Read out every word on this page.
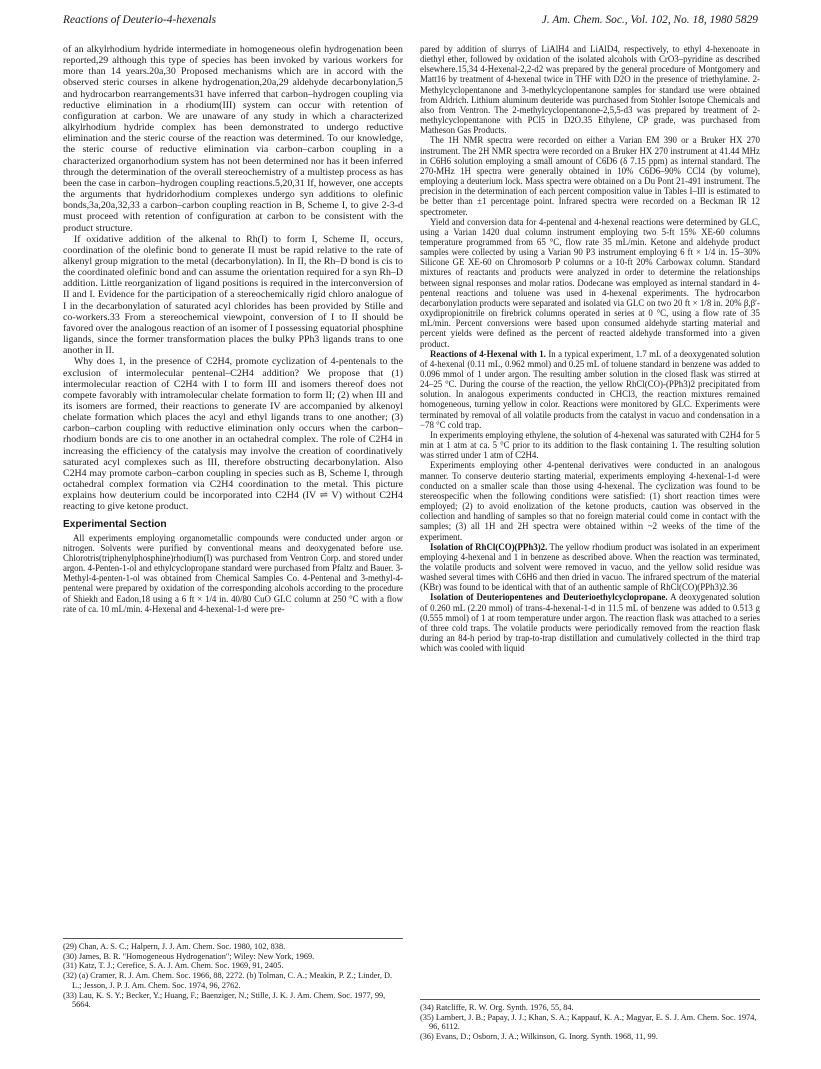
Reactions of Deuterio-4-hexenals	J. Am. Chem. Soc., Vol. 102, No. 18, 1980 5829

of an alkylrhodium hydride intermediate in homogeneous olefin hydrogenation been reported,29 although this type of species has been invoked by various workers for more than 14 years.20a,30 Proposed mechanisms which are in accord with the observed steric courses in alkene hydrogenation,20a,29 aldehyde decarbonylation,5 and hydrocarbon rearrangements31 have inferred that carbon–hydrogen coupling via reductive elimination in a rhodium(III) system can occur with retention of configuration at carbon. We are unaware of any study in which a characterized alkylrhodium hydride complex has been demonstrated to undergo reductive elimination and the steric course of the reaction was determined. To our knowledge, the steric course of reductive elimination via carbon–carbon coupling in a characterized organorhodium system has not been determined nor has it been inferred through the determination of the overall stereochemistry of a multistep process as has been the case in carbon–hydrogen coupling reactions.5,20,31 If, however, one accepts the arguments that hydridorhodium complexes undergo syn additions to olefinic bonds,3a,20a,32,33 a carbon–carbon coupling reaction in B, Scheme I, to give 2-3-d must proceed with retention of configuration at carbon to be consistent with the product structure.

If oxidative addition of the alkenal to Rh(I) to form I, Scheme II, occurs, coordination of the olefinic bond to generate II must be rapid relative to the rate of alkenyl group migration to the metal (decarbonylation). In II, the Rh–D bond is cis to the coordinated olefinic bond and can assume the orientation required for a syn Rh–D addition. Little reorganization of ligand positions is required in the interconversion of II and I. Evidence for the participation of a stereochemically rigid chloro analogue of I in the decarbonylation of saturated acyl chlorides has been provided by Stille and co-workers.33 From a stereochemical viewpoint, conversion of I to II should be favored over the analogous reaction of an isomer of I possessing equatorial phosphine ligands, since the former transformation places the bulky PPh3 ligands trans to one another in II.

Why does 1, in the presence of C2H4, promote cyclization of 4-pentenals to the exclusion of intermolecular pentenal–C2H4 addition? We propose that (1) intermolecular reaction of C2H4 with I to form III and isomers thereof does not compete favorably with intramolecular chelate formation to form II; (2) when III and its isomers are formed, their reactions to generate IV are accompanied by alkenoyl chelate formation which places the acyl and ethyl ligands trans to one another; (3) carbon–carbon coupling with reductive elimination only occurs when the carbon–rhodium bonds are cis to one another in an octahedral complex. The role of C2H4 in increasing the efficiency of the catalysis may involve the creation of coordinatively saturated acyl complexes such as III, therefore obstructing decarbonylation. Also C2H4 may promote carbon–carbon coupling in species such as B, Scheme I, through octahedral complex formation via C2H4 coordination to the metal. This picture explains how deuterium could be incorporated into C2H4 (IV ⇌ V) without C2H4 reacting to give ketone product.

Experimental Section

All experiments employing organometallic compounds were conducted under argon or nitrogen. Solvents were purified by conventional means and deoxygenated before use. Chlorotris(triphenylphosphine)rhodium(I) was purchased from Ventron Corp. and stored under argon. 4-Penten-1-ol and ethylcyclopropane standard were purchased from Pfaltz and Bauer. 3-Methyl-4-penten-1-ol was obtained from Chemical Samples Co. 4-Pentenal and 3-methyl-4-pentenal were prepared by oxidation of the corresponding alcohols according to the procedure of Shiekh and Eadon,18 using a 6 ft × 1/4 in. 40/80 CuO GLC column at 250 °C with a flow rate of ca. 10 mL/min. 4-Hexenal and 4-hexenal-1-d were pre-

(29) Chan, A. S. C.; Halpern, J. J. Am. Chem. Soc. 1980, 102, 838.
(30) James, B. R. "Homogeneous Hydrogenation"; Wiley: New York, 1969.
(31) Katz, T. J.; Cerefice, S. A. J. Am. Chem. Soc. 1969, 91, 2405.
(32) (a) Cramer, R. J. Am. Chem. Soc. 1966, 88, 2272. (b) Tolman, C. A.; Meakin, P. Z.; Linder, D. L.; Jesson, J. P. J. Am. Chem. Soc. 1974, 96, 2762.
(33) Lau, K. S. Y.; Becker, Y.; Huang, F.; Baenziger, N.; Stille, J. K. J. Am. Chem. Soc. 1977, 99, 5664.

pared by addition of slurrys of LiAlH4 and LiAlD4, respectively, to ethyl 4-hexenoate in diethyl ether, followed by oxidation of the isolated alcohols with CrO3–pyridine as described elsewhere.15,34 4-Hexenal-2,2-d2 was prepared by the general procedure of Montgomery and Matt16 by treatment of 4-hexenal twice in THF with D2O in the presence of triethylamine. 2-Methylcyclopentanone and 3-methylcyclopentanone samples for standard use were obtained from Aldrich. Lithium aluminum deuteride was purchased from Stohler Isotope Chemicals and also from Ventron. The 2-methylcyclopentanone-2,5,5-d3 was prepared by treatment of 2-methylcyclopentanone with PCl5 in D2O.35 Ethylene, CP grade, was purchased from Matheson Gas Products.

The 1H NMR spectra were recorded on either a Varian EM 390 or a Bruker HX 270 instrument. The 2H NMR spectra were recorded on a Bruker HX 270 instrument at 41.44 MHz in C6H6 solution employing a small amount of C6D6 (δ 7.15 ppm) as internal standard. The 270-MHz 1H spectra were generally obtained in 10% C6D6–90% CCl4 (by volume), employing a deuterium lock. Mass spectra were obtained on a Du Pont 21-491 instrument. The precision in the determination of each percent composition value in Tables I–III is estimated to be better than ±1 percentage point. Infrared spectra were recorded on a Beckman IR 12 spectrometer.

Yield and conversion data for 4-pentenal and 4-hexenal reactions were determined by GLC, using a Varian 1420 dual column instrument employing two 5-ft 15% XE-60 columns temperature programmed from 65 °C, flow rate 35 mL/min. Ketone and aldehyde product samples were collected by using a Varian 90 P3 instrument employing 6 ft × 1/4 in. 15–30% Silicone GE XE-60 on Chromosorb P columns or a 10-ft 20% Carbowax column. Standard mixtures of reactants and products were analyzed in order to determine the relationships between signal responses and molar ratios. Dodecane was employed as internal standard in 4-pentenal reactions and toluene was used in 4-hexenal experiments. The hydrocarbon decarbonylation products were separated and isolated via GLC on two 20 ft × 1/8 in. 20% β,β′-oxydipropionitrile on firebrick columns operated in series at 0 °C, using a flow rate of 35 mL/min. Percent conversions were based upon consumed aldehyde starting material and percent yields were defined as the percent of reacted aldehyde transformed into a given product.

Reactions of 4-Hexenal with 1. In a typical experiment, 1.7 mL of a deoxygenated solution of 4-hexenal (0.11 mL, 0.962 mmol) and 0.25 mL of toluene standard in benzene was added to 0.096 mmol of 1 under argon. The resulting amber solution in the closed flask was stirred at 24–25 °C. During the course of the reaction, the yellow RhCl(CO)-(PPh3)2 precipitated from solution. In analogous experiments conducted in CHCl3, the reaction mixtures remained homogeneous, turning yellow in color. Reactions were monitored by GLC. Experiments were terminated by removal of all volatile products from the catalyst in vacuo and condensation in a −78 °C cold trap.

In experiments employing ethylene, the solution of 4-hexenal was saturated with C2H4 for 5 min at 1 atm at ca. 5 °C prior to its addition to the flask containing 1. The resulting solution was stirred under 1 atm of C2H4.

Experiments employing other 4-pentenal derivatives were conducted in an analogous manner. To conserve deuterio starting material, experiments employing 4-hexenal-1-d were conducted on a smaller scale than those using 4-hexenal. The cyclization was found to be stereospecific when the following conditions were satisfied: (1) short reaction times were employed; (2) to avoid enolization of the ketone products, caution was observed in the collection and handling of samples so that no foreign material could come in contact with the samples; (3) all 1H and 2H spectra were obtained within ~2 weeks of the time of the experiment.

Isolation of RhCl(CO)(PPh3)2. The yellow rhodium product was isolated in an experiment employing 4-hexenal and 1 in benzene as described above. When the reaction was terminated, the volatile products and solvent were removed in vacuo, and the yellow solid residue was washed several times with C6H6 and then dried in vacuo. The infrared spectrum of the material (KBr) was found to be identical with that of an authentic sample of RhCl(CO)(PPh3)2.36

Isolation of Deuteriopentenes and Deuterioethylcyclopropane. A deoxygenated solution of 0.260 mL (2.20 mmol) of trans-4-hexenal-1-d in 11.5 mL of benzene was added to 0.513 g (0.555 mmol) of 1 at room temperature under argon. The reaction flask was attached to a series of three cold traps. The volatile products were periodically removed from the reaction flask during an 84-h period by trap-to-trap distillation and cumulatively collected in the third trap which was cooled with liquid

(34) Ratcliffe, R. W. Org. Synth. 1976, 55, 84.
(35) Lambert, J. B.; Papay, J. J.; Khan, S. A.; Kappauf, K. A.; Magyar, E. S. J. Am. Chem. Soc. 1974, 96, 6112.
(36) Evans, D.; Osborn, J. A.; Wilkinson, G. Inorg. Synth. 1968, 11, 99.
